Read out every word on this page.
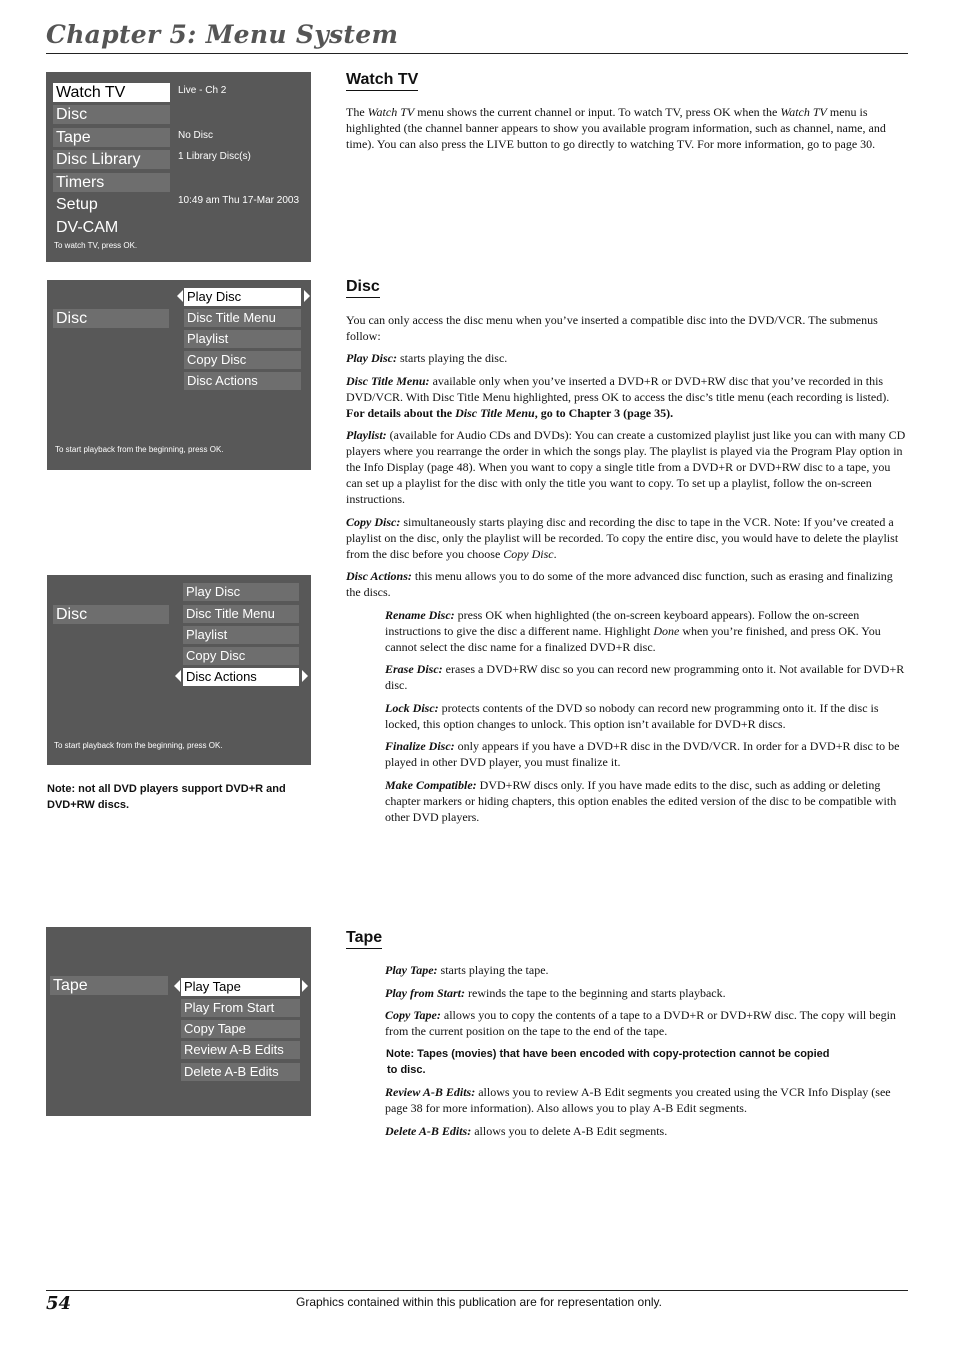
Chapter 5: Menu System
Watch TV
Disc
Tape
Disc Library
Timers
Setup
DV-CAM
Live - Ch 2
No Disc
1 Library Disc(s)
10:49 am Thu 17-Mar 2003
To watch TV, press OK.
Disc
Play Disc
Disc Title Menu
Playlist
Copy Disc
Disc Actions
To start playback from the beginning, press OK.
Disc
Play Disc
Disc Title Menu
Playlist
Copy Disc
Disc Actions
To start playback from the beginning, press OK.
Note: not all DVD players support DVD+R and
DVD+RW discs.
Tape	Play Tape
Play From Start
Copy Tape
Review A-B Edits
Delete A-B Edits
Watch TV
The Watch TV menu shows the current channel or input. To watch TV, press OK when the Watch TV menu is highlighted (the channel banner appears to show you available program information, such as channel, name, and time). You can also press the LIVE button to go directly to watching TV. For more information, go to page 30.
Disc
You can only access the disc menu when you’ve inserted a compatible disc into the DVD/VCR. The submenus follow:
Play Disc: starts playing the disc.
Disc Title Menu: available only when you’ve inserted a DVD+R or DVD+RW disc that you’ve recorded in this DVD/VCR. With Disc Title Menu highlighted, press OK to access the disc’s title menu (each recording is listed). For details about the Disc Title Menu, go to Chapter 3 (page 35).
Playlist: (available for Audio CDs and DVDs): You can create a customized playlist just like you can with many CD players where you rearrange the order in which the songs play. The playlist is played via the Program Play option in the Info Display (page 48). When you want to copy a single title from a DVD+R or DVD+RW disc to a tape, you can set up a playlist for the disc with only the title you want to copy. To set up a playlist, follow the on-screen instructions.
Copy Disc: simultaneously starts playing disc and recording the disc to tape in the VCR. Note: If you’ve created a playlist on the disc, only the playlist will be recorded. To copy the entire disc, you would have to delete the playlist from the disc before you choose Copy Disc.
Disc Actions: this menu allows you to do some of the more advanced disc function, such as erasing and finalizing the discs.
Rename Disc: press OK when highlighted (the on-screen keyboard appears). Follow the on-screen instructions to give the disc a different name. Highlight Done when you’re finished, and press OK. You cannot select the disc name for a finalized DVD+R disc.
Erase Disc: erases a DVD+RW disc so you can record new programming onto it. Not available for DVD+R disc.
Lock Disc: protects contents of the DVD so nobody can record new programming onto it. If the disc is locked, this option changes to unlock. This option isn’t available for DVD+R discs.
Finalize Disc: only appears if you have a DVD+R disc in the DVD/VCR. In order for a DVD+R disc to be played in other DVD player, you must finalize it.
Make Compatible: DVD+RW discs only. If you have made edits to the disc, such as adding or deleting chapter markers or hiding chapters, this option enables the edited version of the disc to be compatible with other DVD players.
Tape
Play Tape: starts playing the tape.
Play from Start: rewinds the tape to the beginning and starts playback.
Copy Tape: allows you to copy the contents of a tape to a DVD+R or DVD+RW disc. The copy will begin from the current position on the tape to the end of the tape.
Note: Tapes (movies) that have been encoded with copy-protection cannot be copied
to disc.
Review A-B Edits: allows you to review A-B Edit segments you created using the VCR Info Display (see page 38 for more information). Also allows you to play A-B Edit segments.
Delete A-B Edits: allows you to delete A-B Edit segments.
54	Graphics contained within this publication are for representation only.
